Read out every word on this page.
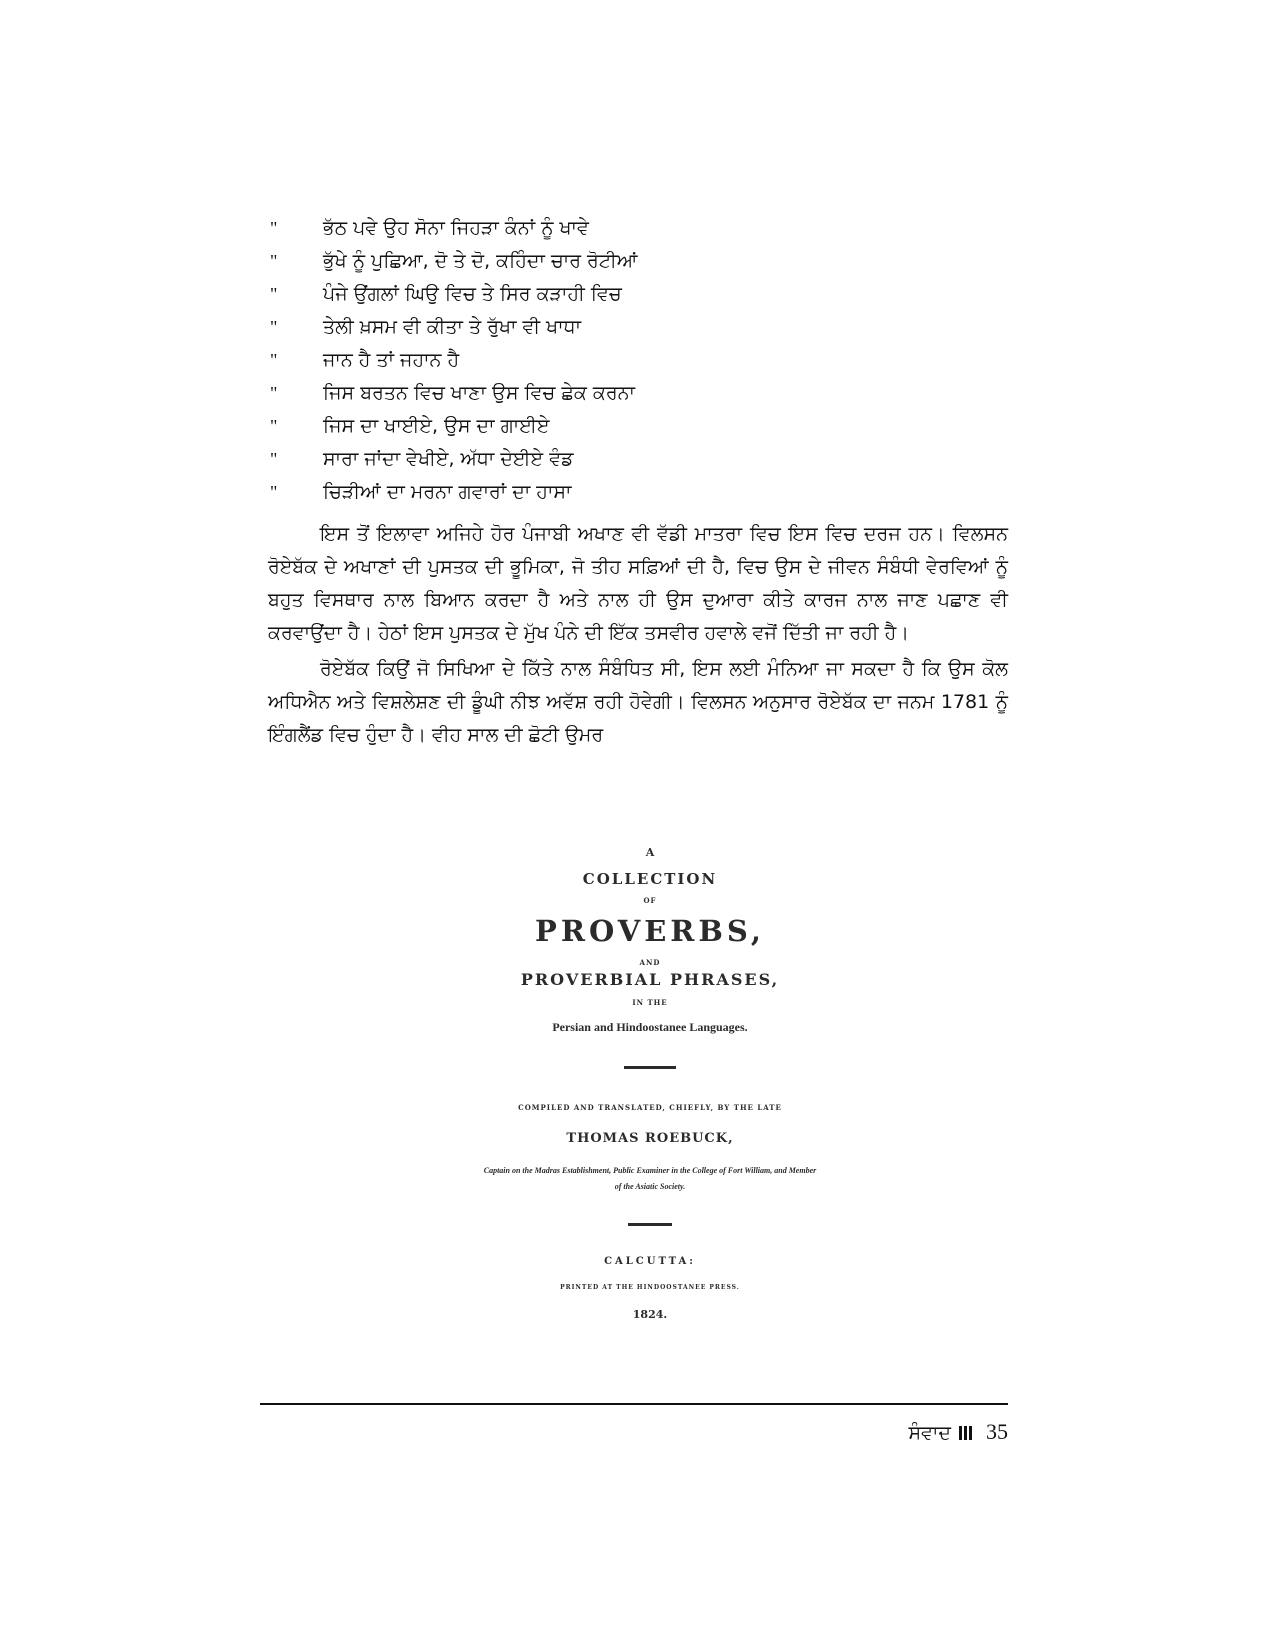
" ਭੱਠ ਪਵੇ ਉਹ ਸੋਨਾ ਜਿਹੜਾ ਕੰਨਾਂ ਨੂੰ ਖਾਵੇ
" ਭੁੱਖੇ ਨੂੰ ਪੁਛਿਆ, ਦੋ ਤੇ ਦੋ, ਕਹਿੰਦਾ ਚਾਰ ਰੋਟੀਆਂ
" ਪੰਜੇ ਉਂਗਲਾਂ ਘਿਉ ਵਿਚ ਤੇ ਸਿਰ ਕੜਾਹੀ ਵਿਚ
" ਤੇਲੀ ਖ਼ਸਮ ਵੀ ਕੀਤਾ ਤੇ ਰੁੱਖਾ ਵੀ ਖਾਧਾ
" ਜਾਨ ਹੈ ਤਾਂ ਜਹਾਨ ਹੈ
" ਜਿਸ ਬਰਤਨ ਵਿਚ ਖਾਣਾ ਉਸ ਵਿਚ ਛੇਕ ਕਰਨਾ
" ਜਿਸ ਦਾ ਖਾਈਏ, ਉਸ ਦਾ ਗਾਈਏ
" ਸਾਰਾ ਜਾਂਦਾ ਵੇਖੀਏ, ਅੱਧਾ ਦੇਈਏ ਵੰਡ
" ਚਿੜੀਆਂ ਦਾ ਮਰਨਾ ਗਵਾਰਾਂ ਦਾ ਹਾਸਾ

ਇਸ ਤੋਂ ਇਲਾਵਾ ਅਜਿਹੇ ਹੋਰ ਪੰਜਾਬੀ ਅਖਾਣ ਵੀ ਵੱਡੀ ਮਾਤਰਾ ਵਿਚ ਇਸ ਵਿਚ ਦਰਜ ਹਨ। ਵਿਲਸਨ ਰੋਏਬੱਕ ਦੇ ਅਖਾਣਾਂ ਦੀ ਪੁਸਤਕ ਦੀ ਭੂਮਿਕਾ, ਜੋ ਤੀਹ ਸਫ਼ਿਆਂ ਦੀ ਹੈ, ਵਿਚ ਉਸ ਦੇ ਜੀਵਨ ਸੰਬੰਧੀ ਵੇਰਵਿਆਂ ਨੂੰ ਬਹੁਤ ਵਿਸਥਾਰ ਨਾਲ ਬਿਆਨ ਕਰਦਾ ਹੈ ਅਤੇ ਨਾਲ ਹੀ ਉਸ ਦੁਆਰਾ ਕੀਤੇ ਕਾਰਜ ਨਾਲ ਜਾਣ ਪਛਾਣ ਵੀ ਕਰਵਾਉਂਦਾ ਹੈ। ਹੇਠਾਂ ਇਸ ਪੁਸਤਕ ਦੇ ਮੁੱਖ ਪੰਨੇ ਦੀ ਇੱਕ ਤਸਵੀਰ ਹਵਾਲੇ ਵਜੋਂ ਦਿੱਤੀ ਜਾ ਰਹੀ ਹੈ।

ਰੋਏਬੱਕ ਕਿਉਂ ਜੋ ਸਿਖਿਆ ਦੇ ਕਿੱਤੇ ਨਾਲ ਸੰਬੰਧਿਤ ਸੀ, ਇਸ ਲਈ ਮੰਨਿਆ ਜਾ ਸਕਦਾ ਹੈ ਕਿ ਉਸ ਕੋਲ ਅਧਿਐਨ ਅਤੇ ਵਿਸ਼ਲੇਸ਼ਣ ਦੀ ਡੂੰਘੀ ਨੀਝ ਅਵੱਸ਼ ਰਹੀ ਹੋਵੇਗੀ। ਵਿਲਸਨ ਅਨੁਸਾਰ ਰੋਏਬੱਕ ਦਾ ਜਨਮ 1781 ਨੂੰ ਇੰਗਲੈਂਡ ਵਿਚ ਹੁੰਦਾ ਹੈ। ਵੀਹ ਸਾਲ ਦੀ ਛੋਟੀ ਉਮਰ

A
COLLECTION
OF
PROVERBS,
AND
PROVERBIAL PHRASES,
IN THE
Persian and Hindoostanee Languages.
COMPILED AND TRANSLATED, CHIEFLY, BY THE LATE
THOMAS ROEBUCK,
Captain on the Madras Establishment, Public Examiner in the College of Fort William, and Member of the Asiatic Society.
CALCUTTA:
PRINTED AT THE HINDOOSTANEE PRESS.
1824.
ਸੰਵਾਦ 35
